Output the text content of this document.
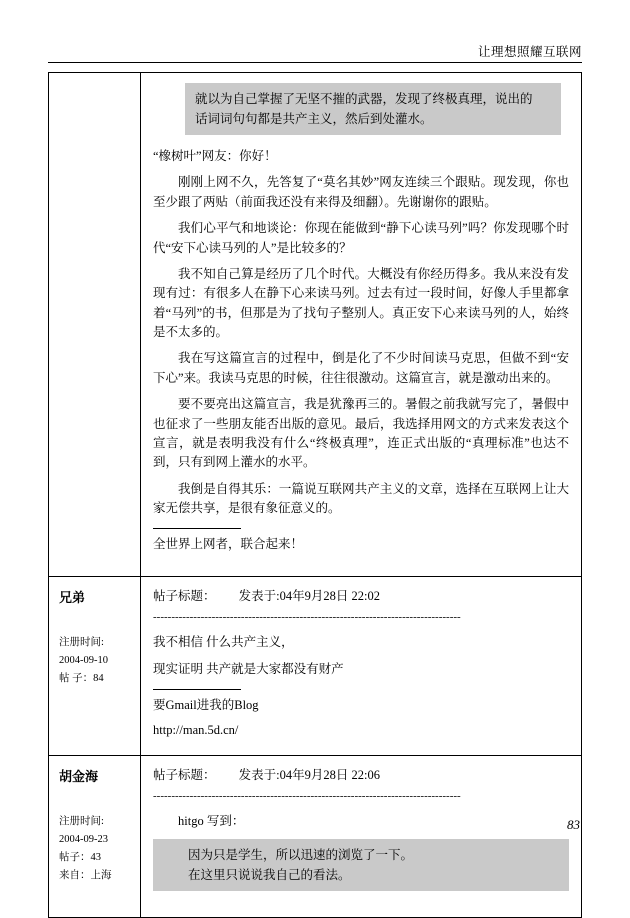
让理想照耀互联网

就以为自己掌握了无坚不摧的武器，发现了终极真理，说出的

话词词句句都是共产主义，然后到处灌水。

“橡树叶”网友：你好！

刚刚上网不久，先答复了“莫名其妙”网友连续三个跟贴。现发现，你也至少跟了两贴（前面我还没有来得及细翻）。先谢谢你的跟贴。

我们心平气和地谈论：你现在能做到“静下心读马列”吗？你发现哪个时代“安下心读马列的人”是比较多的？

我不知自己算是经历了几个时代。大概没有你经历得多。我从来没有发现有过：有很多人在静下心来读马列。过去有过一段时间，好像人手里都拿着“马列”的书，但那是为了找句子整别人。真正安下心来读马列的人，始终是不太多的。

我在写这篇宣言的过程中，倒是化了不少时间读马克思，但做不到“安下心”来。我读马克思的时候，往往很激动。这篇宣言，就是激动出来的。

要不要亮出这篇宣言，我是犹豫再三的。暑假之前我就写完了，暑假中也征求了一些朋友能否出版的意见。最后，我选择用网文的方式来发表这个宣言，就是表明我没有什么“终极真理”，连正式出版的“真理标准”也达不到，只有到网上灌水的水平。

我倒是自得其乐：一篇说互联网共产主义的文章，选择在互联网上让大家无偿共享，是很有象征意义的。

全世界上网者，联合起来！

兄弟
注册时间:
2004-09-10
帖 子：84
帖子标题： 发表于:04年9月28日 22:02
------------------------------------------------------------------------------------

我不相信 什么共产主义，

现实证明 共产就是大家都没有财产

要Gmail进我的Blog

http://man.5d.cn/

胡金海
注册时间:
2004-09-23
帖子：43
来自：上海
帖子标题： 发表于:04年9月28日 22:06
------------------------------------------------------------------------------------

hitgo 写到：

因为只是学生，所以迅速的浏览了一下。

在这里只说说我自己的看法。

83
